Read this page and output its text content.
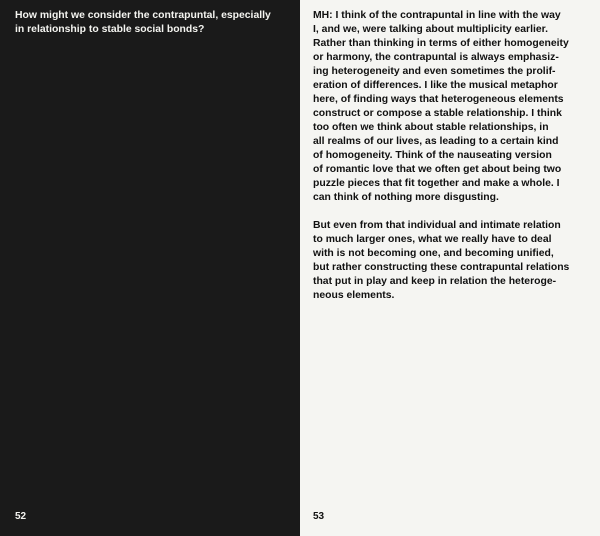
How might we consider the contrapuntal, especially
in relationship to stable social bonds?
52
MH: I think of the contrapuntal in line with the way
I, and we, were talking about multiplicity earlier.
Rather than thinking in terms of either homogeneity
or harmony, the contrapuntal is always emphasiz-
ing heterogeneity and even sometimes the prolif-
eration of differences. I like the musical metaphor
here, of finding ways that heterogeneous elements
construct or compose a stable relationship. I think
too often we think about stable relationships, in
all realms of our lives, as leading to a certain kind
of homogeneity. Think of the nauseating version
of romantic love that we often get about being two
puzzle pieces that fit together and make a whole. I
can think of nothing more disgusting.
But even from that individual and intimate relation
to much larger ones, what we really have to deal
with is not becoming one, and becoming unified,
but rather constructing these contrapuntal relations
that put in play and keep in relation the heteroge-
neous elements.
53
